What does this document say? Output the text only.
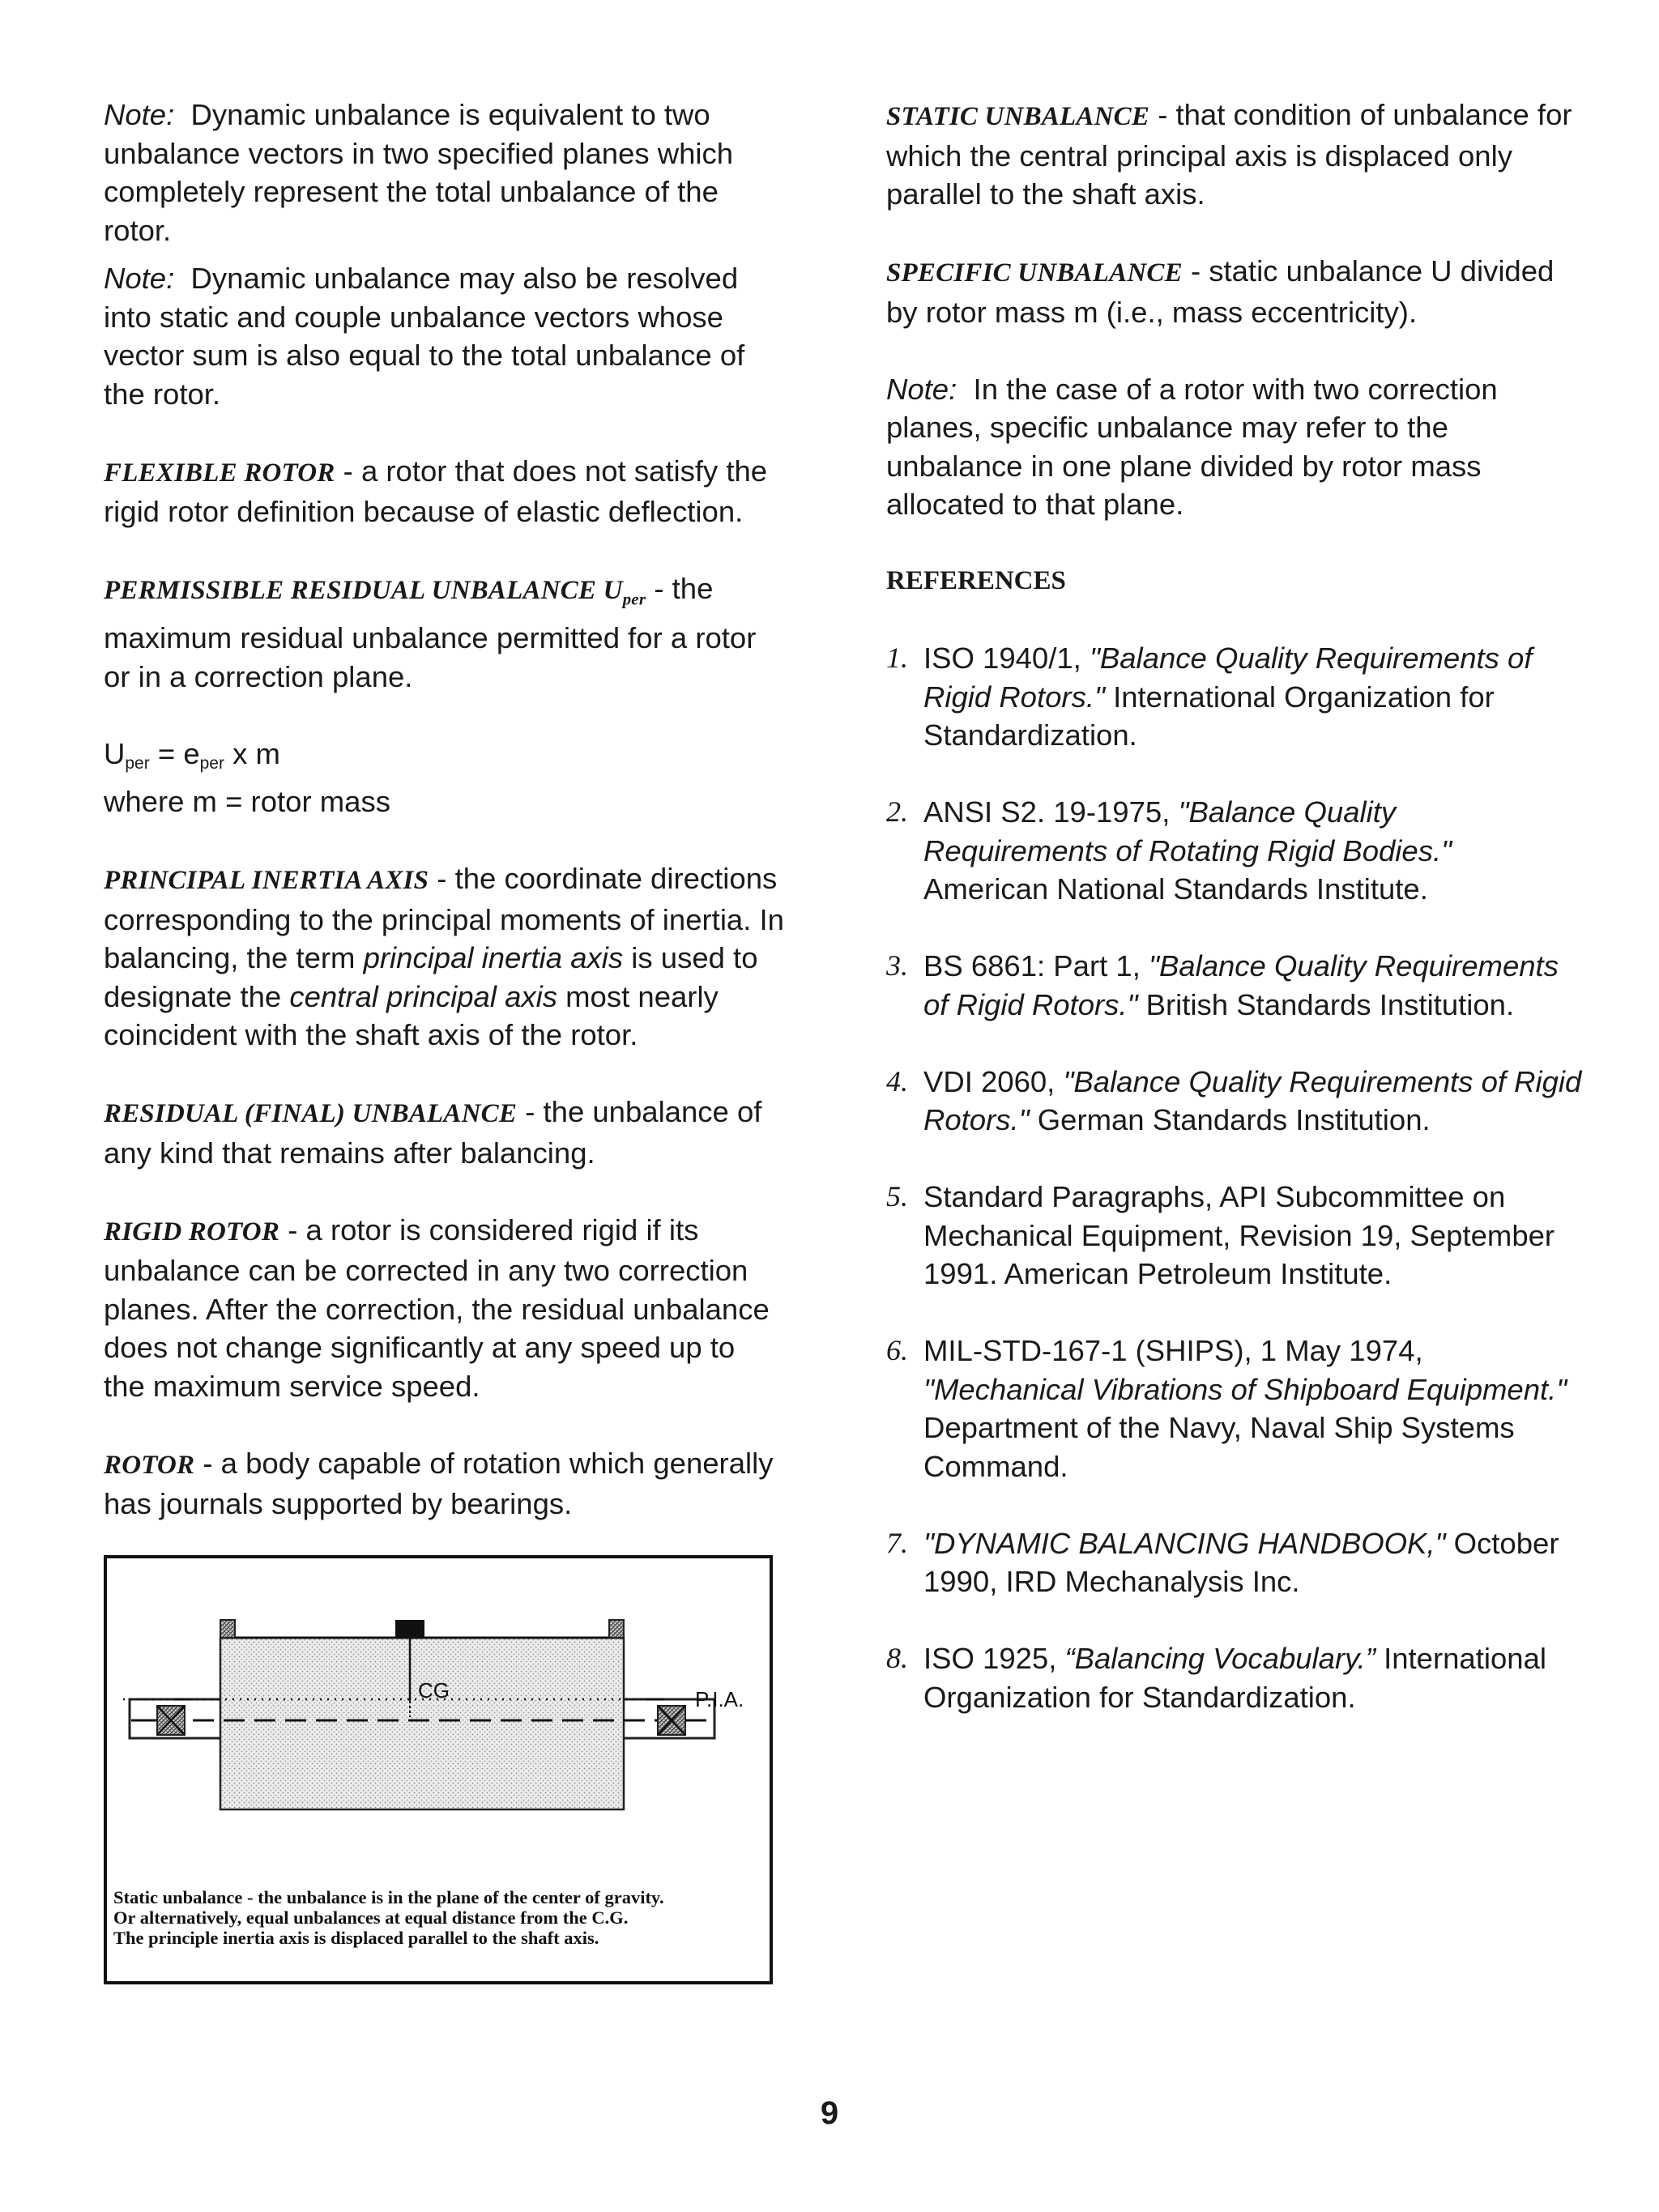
Note: Dynamic unbalance is equivalent to two unbalance vectors in two specified planes which completely represent the total unbalance of the rotor.

Note: Dynamic unbalance may also be resolved into static and couple unbalance vectors whose vector sum is also equal to the total unbalance of the rotor.

FLEXIBLE ROTOR - a rotor that does not satisfy the rigid rotor definition because of elastic deflection.

PERMISSIBLE RESIDUAL UNBALANCE $U_{per}$ - the maximum residual unbalance permitted for a rotor or in a correction plane.

$U_{per} = e_{per}$ x m

where m = rotor mass

PRINCIPAL INERTIA AXIS - the coordinate directions corresponding to the principal moments of inertia. In balancing, the term principal inertia axis is used to designate the central principal axis most nearly coincident with the shaft axis of the rotor.

RESIDUAL (FINAL) UNBALANCE - the unbalance of any kind that remains after balancing.

RIGID ROTOR - a rotor is considered rigid if its unbalance can be corrected in any two correction planes. After the correction, the residual unbalance does not change significantly at any speed up to the maximum service speed.

ROTOR - a body capable of rotation which generally has journals supported by bearings.

CG	P.I.A.
Static unbalance - the unbalance is in the plane of the center of gravity.
Or alternatively, equal unbalances at equal distance from the C.G.
The principle inertia axis is displaced parallel to the shaft axis.

STATIC UNBALANCE - that condition of unbalance for which the central principal axis is displaced only parallel to the shaft axis.

SPECIFIC UNBALANCE - static unbalance U divided by rotor mass m (i.e., mass eccentricity).

Note: In the case of a rotor with two correction planes, specific unbalance may refer to the unbalance in one plane divided by rotor mass allocated to that plane.

REFERENCES

1. ISO 1940/1, "Balance Quality Requirements of Rigid Rotors." International Organization for Standardization.
2. ANSI S2. 19-1975, "Balance Quality Requirements of Rotating Rigid Bodies." American National Standards Institute.
3. BS 6861: Part 1, "Balance Quality Requirements of Rigid Rotors." British Standards Institution.
4. VDI 2060, "Balance Quality Requirements of Rigid Rotors." German Standards Institution.
5. Standard Paragraphs, API Subcommittee on Mechanical Equipment, Revision 19, September 1991. American Petroleum Institute.
6. MIL-STD-167-1 (SHIPS), 1 May 1974, "Mechanical Vibrations of Shipboard Equipment." Department of the Navy, Naval Ship Systems Command.
7. "DYNAMIC BALANCING HANDBOOK," October 1990, IRD Mechanalysis Inc.
8. ISO 1925, “Balancing Vocabulary.” International Organization for Standardization.
9
